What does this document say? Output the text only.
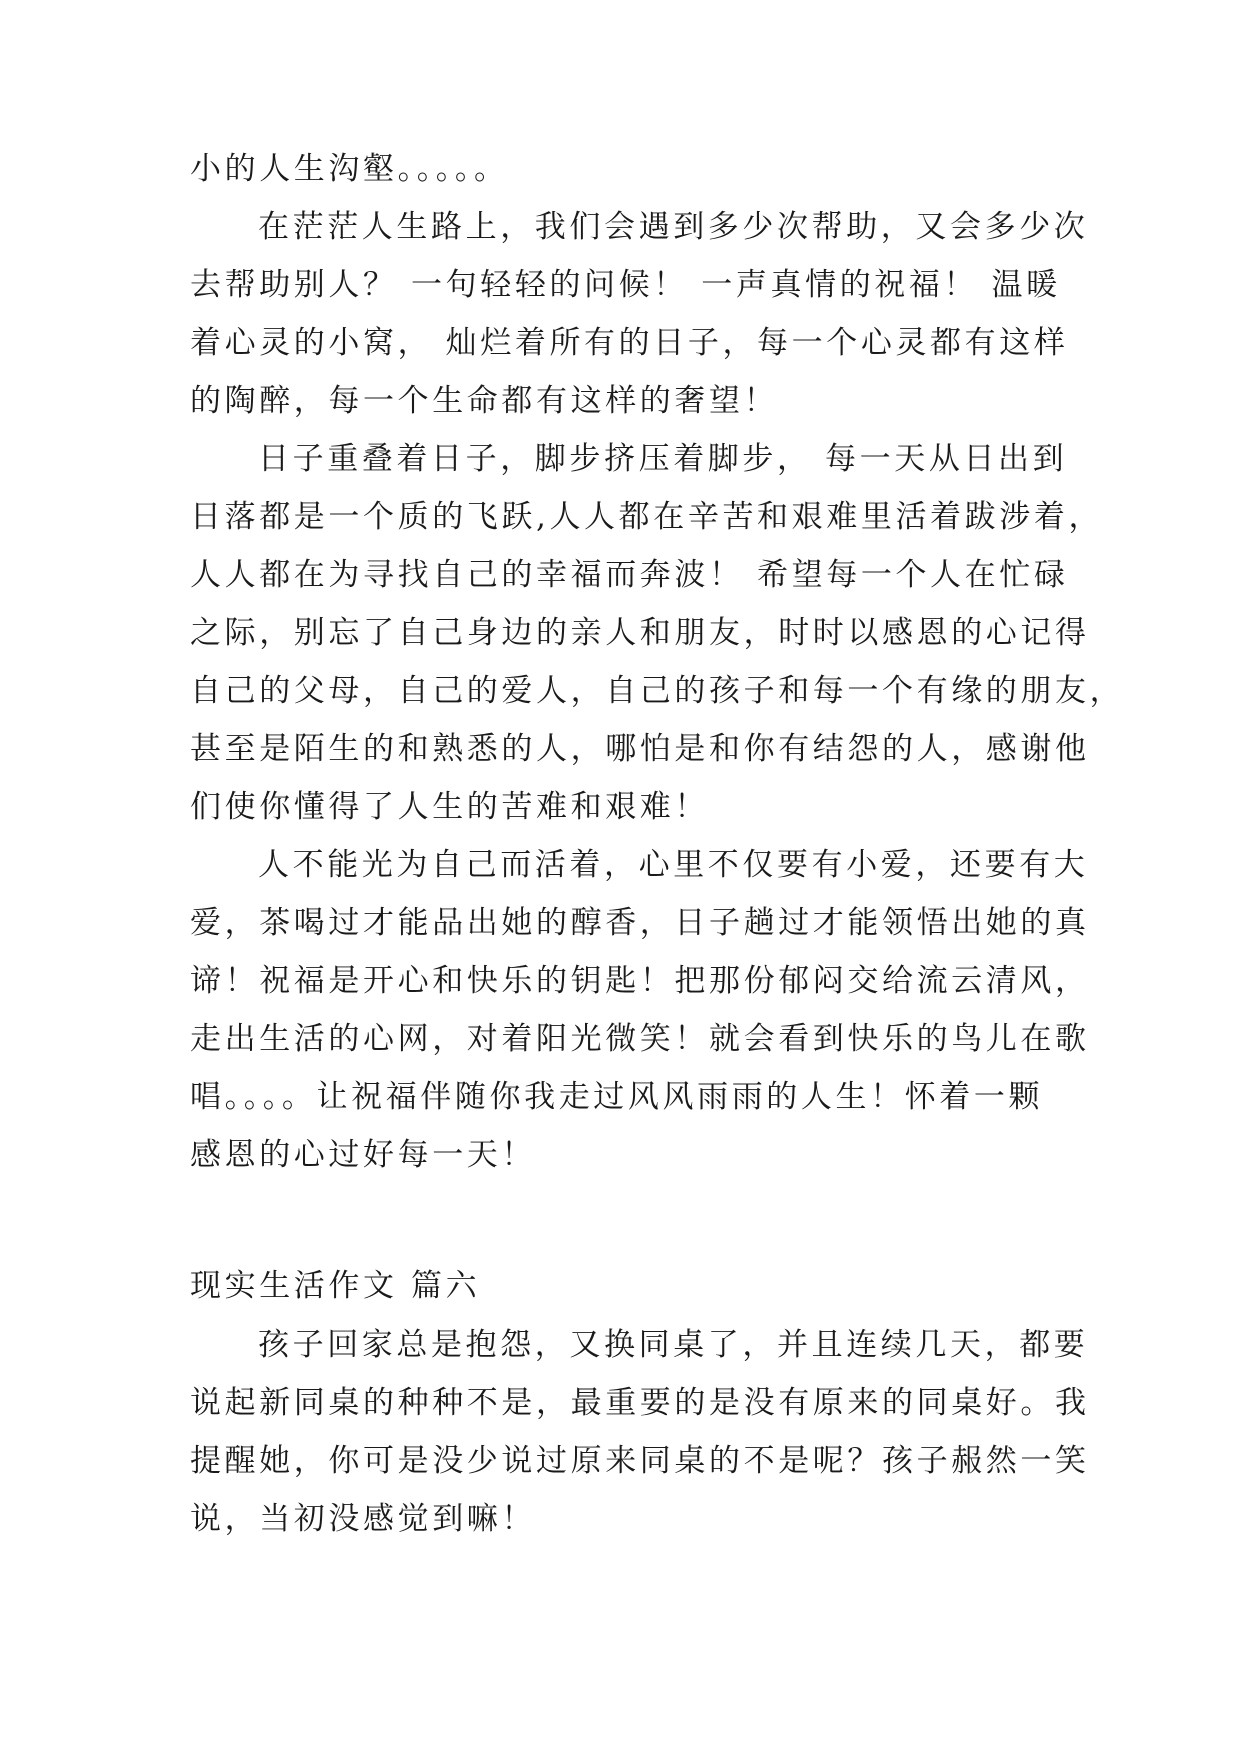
小的人生沟壑。。。。。
在茫茫人生路上，我们会遇到多少次帮助，又会多少次
去帮助别人？ 一句轻轻的问候！ 一声真情的祝福！ 温暖
着心灵的小窝， 灿烂着所有的日子，每一个心灵都有这样
的陶醉，每一个生命都有这样的奢望！
日子重叠着日子，脚步挤压着脚步， 每一天从日出到
日落都是一个质的飞跃,人人都在辛苦和艰难里活着跋涉着，
人人都在为寻找自己的幸福而奔波！ 希望每一个人在忙碌
之际，别忘了自己身边的亲人和朋友，时时以感恩的心记得
自己的父母，自己的爱人，自己的孩子和每一个有缘的朋友，
甚至是陌生的和熟悉的人，哪怕是和你有结怨的人，感谢他
们使你懂得了人生的苦难和艰难！
人不能光为自己而活着，心里不仅要有小爱，还要有大
爱，茶喝过才能品出她的醇香，日子趟过才能领悟出她的真
谛！祝福是开心和快乐的钥匙！把那份郁闷交给流云清风，
走出生活的心网，对着阳光微笑！就会看到快乐的鸟儿在歌
唱。。。。让祝福伴随你我走过风风雨雨的人生！怀着一颗
感恩的心过好每一天！
现实生活作文 篇六
孩子回家总是抱怨，又换同桌了，并且连续几天，都要
说起新同桌的种种不是，最重要的是没有原来的同桌好。我
提醒她，你可是没少说过原来同桌的不是呢？孩子赧然一笑
说，当初没感觉到嘛！
